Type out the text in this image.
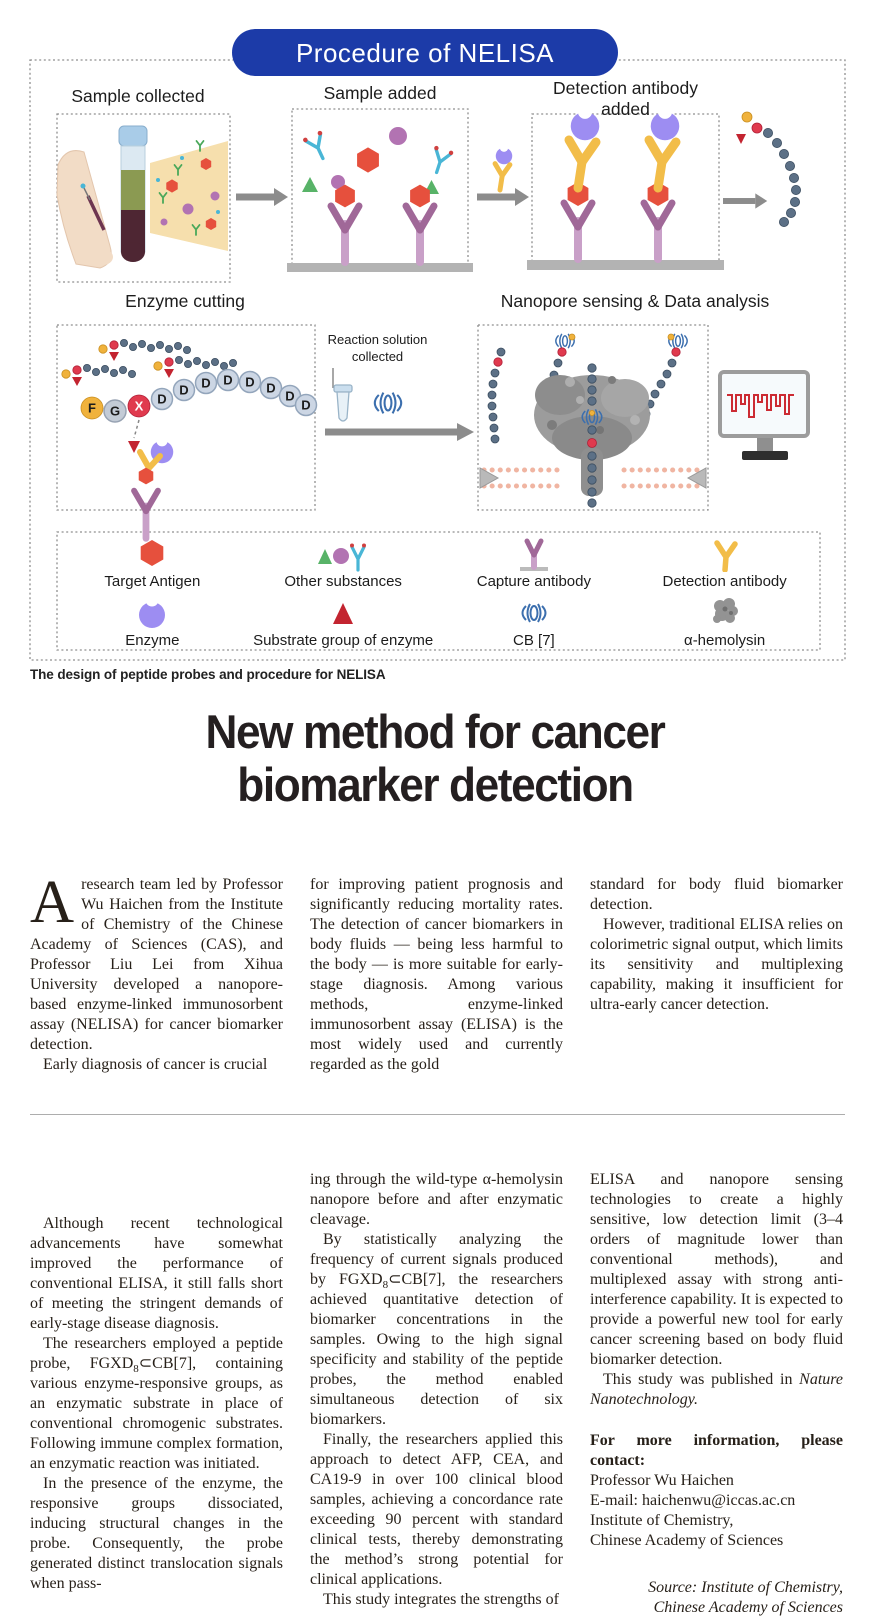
F G X D
D D D D D
D
D
Procedure of NELISA
Sample collected	Sample added	Detection antibody
added
Enzyme cutting	Nanopore sensing & Data analysis
Reaction solution collected
Target Antigen	Other substances	Capture antibody	Detection antibody
Enzyme	Substrate group of enzyme	CB [7]	α-hemolysin
The design of peptide probes and procedure for NELISA
New method for cancer
biomarker detection

Aresearch team led by Professor Wu Haichen from the Institute of Chemistry of the Chinese Academy of Sciences (CAS), and Professor Liu Lei from Xihua University developed a nanopore-based enzyme-linked immunosorbent assay (NELISA) for cancer biomarker detection.

Early diagnosis of cancer is crucial

for improving patient prognosis and significantly reducing mortality rates. The detection of cancer biomarkers in body fluids — being less harmful to the body — is more suitable for early-stage diagnosis. Among various methods, enzyme-linked immunosorbent assay (ELISA) is the most widely used and currently regarded as the gold

standard for body fluid biomarker detection.

However, traditional ELISA relies on colorimetric signal output, which limits its sensitivity and multiplexing capability, making it insufficient for ultra-early cancer detection.

Although recent technological advancements have somewhat improved the performance of conventional ELISA, it still falls short of meeting the stringent demands of early-stage disease diagnosis.

The researchers employed a peptide probe, $FGXD_8\subset CB[7]$, containing various enzyme-responsive groups, as an enzymatic substrate in place of conventional chromogenic substrates. Following immune complex formation, an enzymatic reaction was initiated.

In the presence of the enzyme, the responsive groups dissociated, inducing structural changes in the probe. Consequently, the probe generated distinct translocation signals when pass-

ing through the wild-type α-hemolysin nanopore before and after enzymatic cleavage.

By statistically analyzing the frequency of current signals produced by $FGXD_8\subset CB[7]$, the researchers achieved quantitative detection of biomarker concentrations in the samples. Owing to the high signal specificity and stability of the peptide probes, the method enabled simultaneous detection of six biomarkers.

Finally, the researchers applied this approach to detect AFP, CEA, and CA19-9 in over 100 clinical blood samples, achieving a concordance rate exceeding 90 percent with standard clinical tests, thereby demonstrating the method’s strong potential for clinical applications.

This study integrates the strengths of

ELISA and nanopore sensing technologies to create a highly sensitive, low detection limit (3–4 orders of magnitude lower than conventional methods), and multiplexed assay with strong anti-interference capability. It is expected to provide a powerful new tool for early cancer screening based on body fluid biomarker detection.

This study was published in Nature Nanotechnology.

For more information, please contact:
Professor Wu Haichen
E-mail: haichenwu@iccas.ac.cn
Institute of Chemistry,
Chinese Academy of Sciences
Source: Institute of Chemistry,
Chinese Academy of Sciences
